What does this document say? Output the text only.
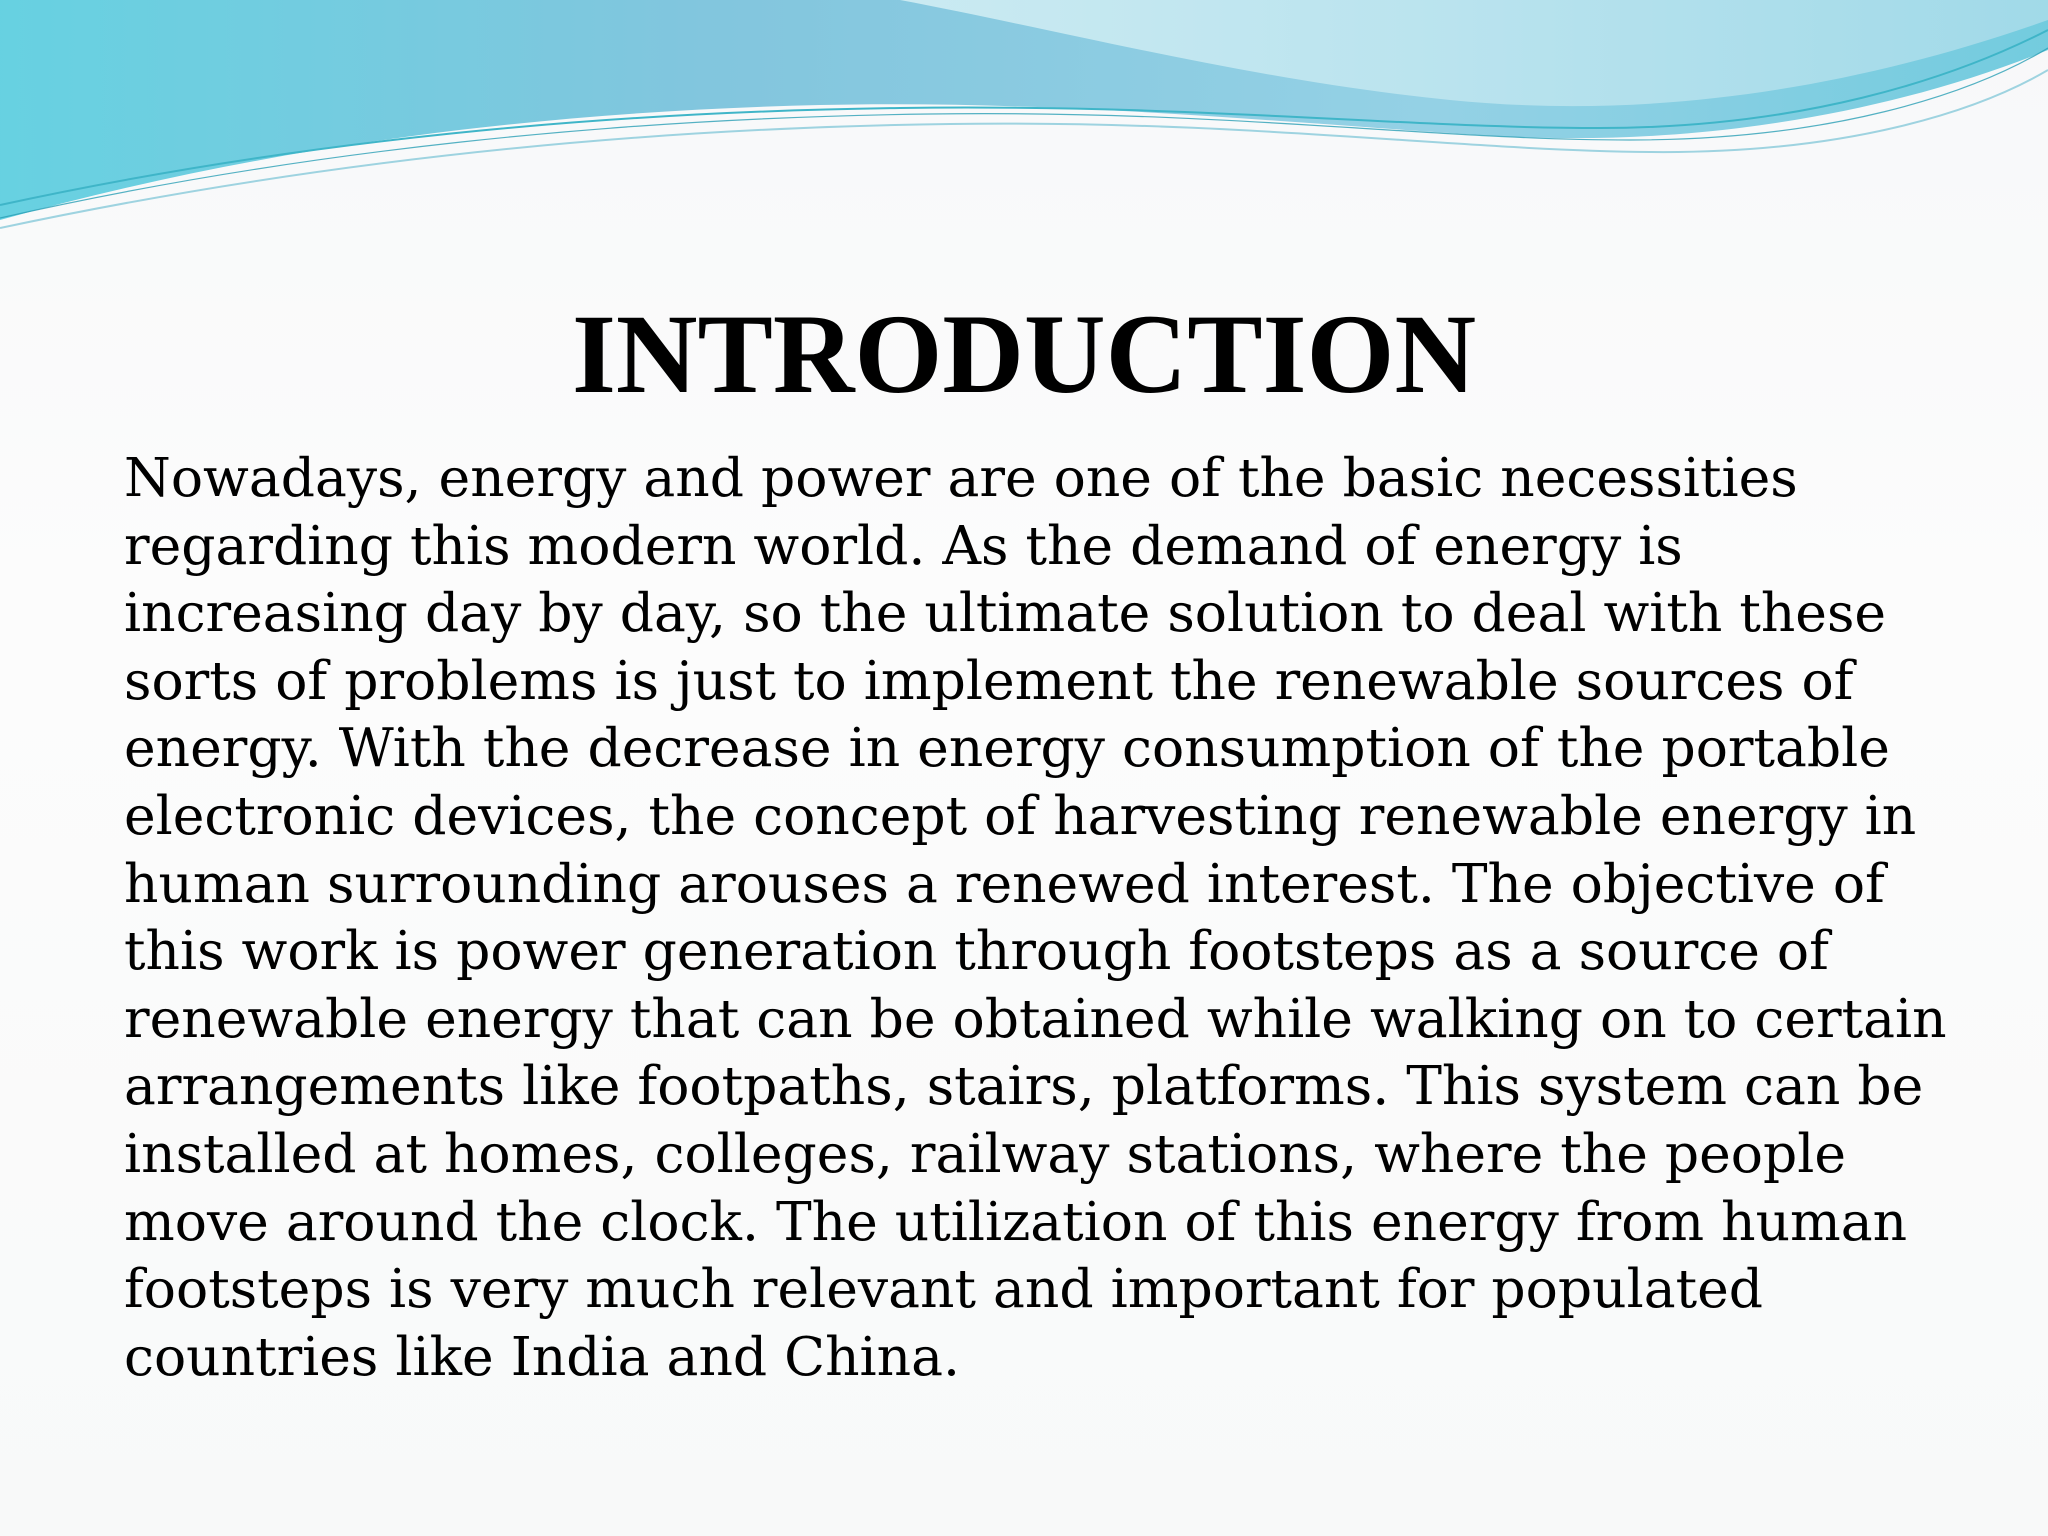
INTRODUCTION

Nowadays, energy and power are one of the basic necessities
regarding this modern world. As the demand of energy is
increasing day by day, so the ultimate solution to deal with these
sorts of problems is just to implement the renewable sources of
energy. With the decrease in energy consumption of the portable
electronic devices, the concept of harvesting renewable energy in
human surrounding arouses a renewed interest. The objective of
this work is power generation through footsteps as a source of
renewable energy that can be obtained while walking on to certain
arrangements like footpaths, stairs, platforms. This system can be
installed at homes, colleges, railway stations, where the people
move around the clock. The utilization of this energy from human
footsteps is very much relevant and important for populated
countries like India and China.
